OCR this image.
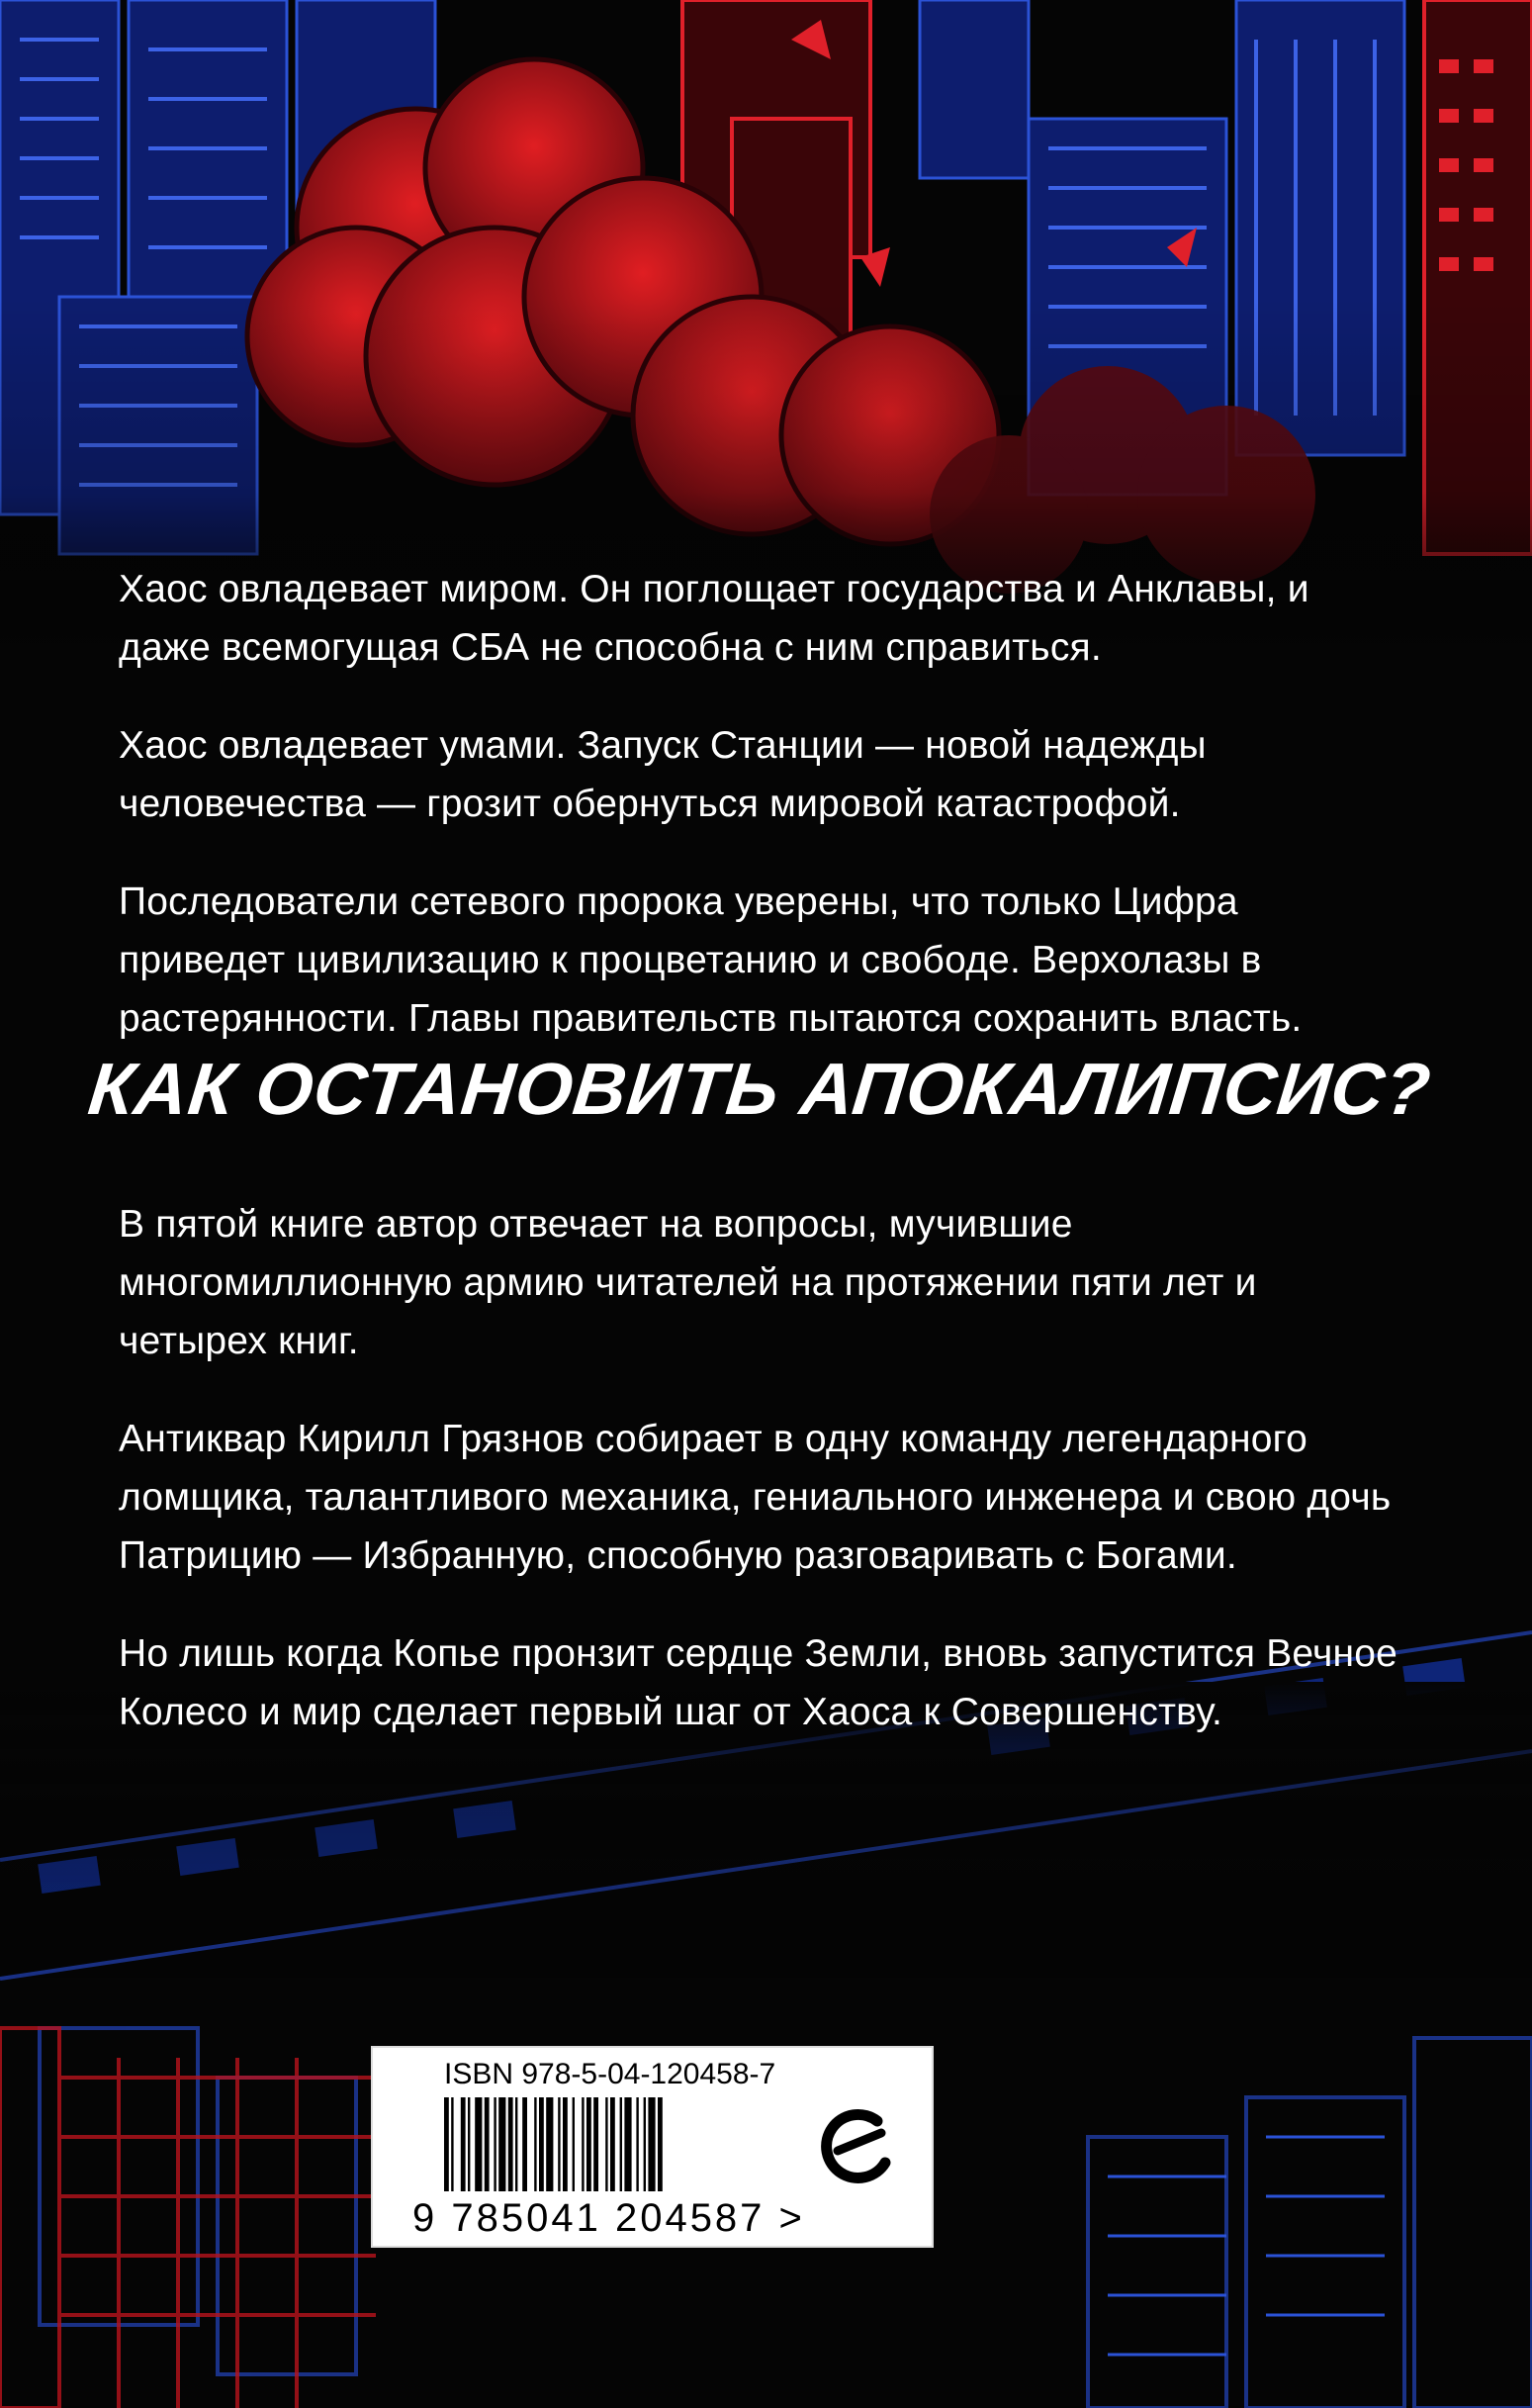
Хаос овладевает миром. Он поглощает государства и Анклавы, и даже всемогущая СБА не способна с ним справиться.

Хаос овладевает умами. Запуск Станции — новой надежды человечества — грозит обернуться мировой катастрофой.

Последователи сетевого пророка уверены, что только Цифра приведет цивилизацию к процветанию и свободе. Верхолазы в растерянности. Главы правительств пытаются сохранить власть.

КАК ОСТАНОВИТЬ АПОКАЛИПСИС?

В пятой книге автор отвечает на вопросы, мучившие многомиллионную армию читателей на протяжении пяти лет и четырех книг.

Антиквар Кирилл Грязнов собирает в одну команду легендарного ломщика, талантливого механика, гениального инженера и свою дочь Патрицию — Избранную, способную разговаривать с Богами.

Но лишь когда Копье пронзит сердце Земли, вновь запустится Вечное Колесо и мир сделает первый шаг от Хаоса к Совершенству.

ISBN 978-5-04-120458-7
9 785041 204587 >
